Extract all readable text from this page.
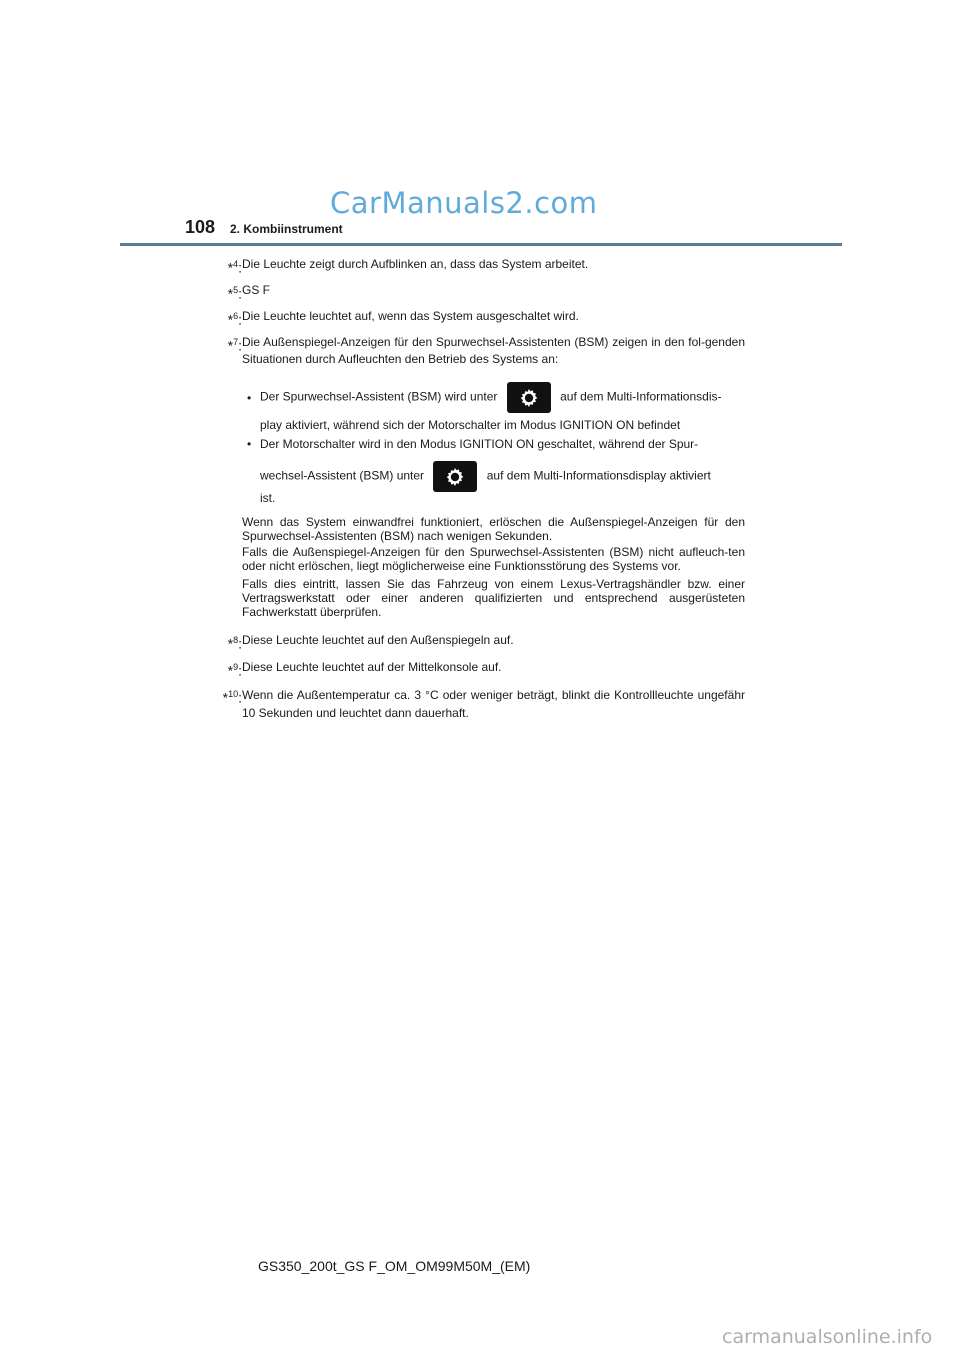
CarManuals2.com
108 2. Kombiinstrument
*$^4$: Die Leuchte zeigt durch Aufblinken an, dass das System arbeitet.
*$^5$: GS F
*$^6$: Die Leuchte leuchtet auf, wenn das System ausgeschaltet wird.
*$^7$: Die Außenspiegel-Anzeigen für den Spurwechsel-Assistenten (BSM) zeigen in den fol-genden Situationen durch Aufleuchten den Betrieb des Systems an:
• Der Spurwechsel-Assistent (BSM) wird unter	auf dem Multi-Informationsdis-
play aktiviert, während sich der Motorschalter im Modus IGNITION ON befindet
• Der Motorschalter wird in den Modus IGNITION ON geschaltet, während der Spur-
wechsel-Assistent (BSM) unter	auf dem Multi-Informationsdisplay aktiviert
ist.
Wenn das System einwandfrei funktioniert, erlöschen die Außenspiegel-Anzeigen für den Spurwechsel-Assistenten (BSM) nach wenigen Sekunden.
Falls die Außenspiegel-Anzeigen für den Spurwechsel-Assistenten (BSM) nicht aufleuch-ten oder nicht erlöschen, liegt möglicherweise eine Funktionsstörung des Systems vor.
Falls dies eintritt, lassen Sie das Fahrzeug von einem Lexus-Vertragshändler bzw. einer Vertragswerkstatt oder einer anderen qualifizierten und entsprechend ausgerüsteten Fachwerkstatt überprüfen.
*$^8$: Diese Leuchte leuchtet auf den Außenspiegeln auf.
*$^9$: Diese Leuchte leuchtet auf der Mittelkonsole auf.
*$^{10}$: Wenn die Außentemperatur ca. 3 °C oder weniger beträgt, blinkt die Kontrollleuchte ungefähr 10 Sekunden und leuchtet dann dauerhaft.
GS350_200t_GS F_OM_OM99M50M_(EM)
carmanualsonline.info
